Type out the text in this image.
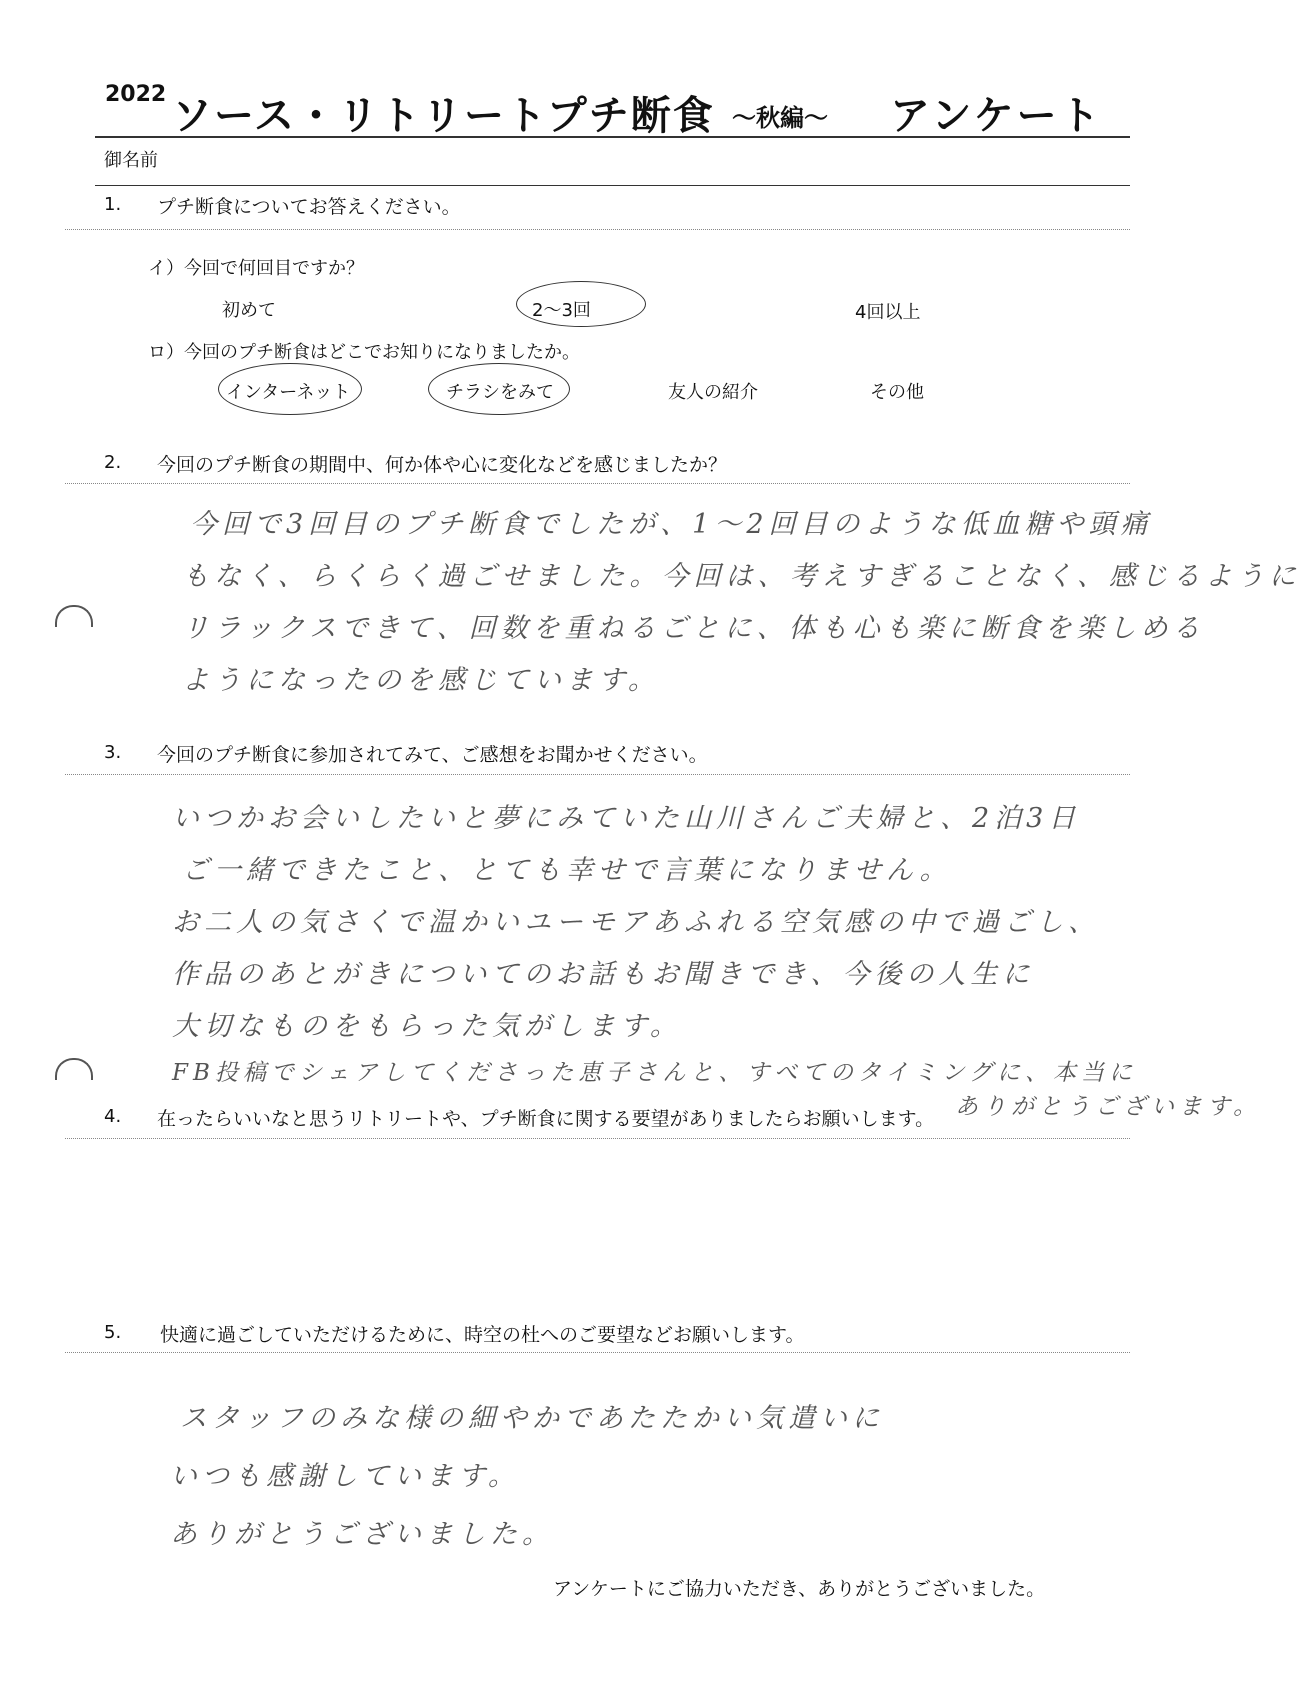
2022 ソース・リトリートプチ断食 ～秋編～ アンケート
御名前
1. プチ断食についてお答えください。
イ）今回で何回目ですか？
初めて	2～3回	4回以上
ロ）今回のプチ断食はどこでお知りになりましたか。
インターネット	チラシをみて	友人の紹介	その他
2. 今回のプチ断食の期間中、何か体や心に変化などを感じましたか？
今回で3回目のプチ断食でしたが、1～2回目のような低血糖や頭痛
もなく、らくらく過ごせました。今回は、考えすぎることなく、感じるように
リラックスできて、回数を重ねるごとに、体も心も楽に断食を楽しめる
ようになったのを感じています。
3. 今回のプチ断食に参加されてみて、ご感想をお聞かせください。
いつかお会いしたいと夢にみていた山川さんご夫婦と、2泊3日
ご一緒できたこと、とても幸せで言葉になりません。
お二人の気さくで温かいユーモアあふれる空気感の中で過ごし、
作品のあとがきについてのお話もお聞きでき、今後の人生に
大切なものをもらった気がします。
FB投稿でシェアしてくださった恵子さんと、すべてのタイミングに、本当に
ありがとうございます。
4. 在ったらいいなと思うリトリートや、プチ断食に関する要望がありましたらお願いします。
5. 快適に過ごしていただけるために、時空の杜へのご要望などお願いします。
スタッフのみな様の細やかであたたかい気遣いに
いつも感謝しています。
ありがとうございました。
アンケートにご協力いただき、ありがとうございました。
